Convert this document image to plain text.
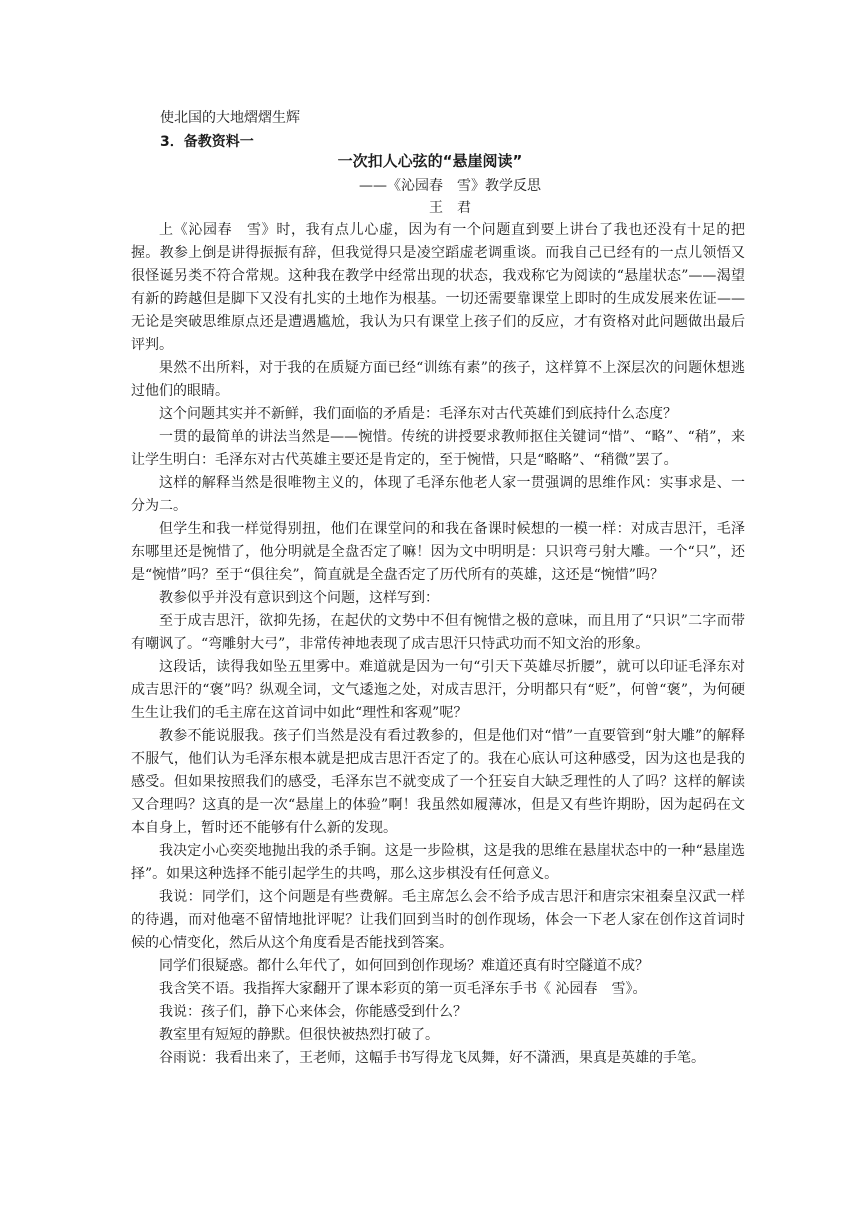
使北国的大地熠熠生辉
3．备教资料一
一次扣人心弦的“悬崖阅读”
——《沁园春　雪》教学反思
王　君

上《沁园春　雪》时，我有点儿心虚，因为有一个问题直到要上讲台了我也还没有十足的把握。教参上倒是讲得振振有辞，但我觉得只是凌空蹈虚老调重谈。而我自己已经有的一点儿领悟又很怪诞另类不符合常规。这种我在教学中经常出现的状态，我戏称它为阅读的“悬崖状态”——渴望有新的跨越但是脚下又没有扎实的土地作为根基。一切还需要靠课堂上即时的生成发展来佐证——无论是突破思维原点还是遭遇尴尬，我认为只有课堂上孩子们的反应，才有资格对此问题做出最后评判。

果然不出所料，对于我的在质疑方面已经“训练有素”的孩子，这样算不上深层次的问题休想逃过他们的眼睛。

这个问题其实并不新鲜，我们面临的矛盾是：毛泽东对古代英雄们到底持什么态度？

一贯的最简单的讲法当然是——惋惜。传统的讲授要求教师抠住关键词“惜”、“略”、“稍”，来让学生明白：毛泽东对古代英雄主要还是肯定的，至于惋惜，只是“略略”、“稍微”罢了。

这样的解释当然是很唯物主义的，体现了毛泽东他老人家一贯强调的思维作风：实事求是、一分为二。

但学生和我一样觉得别扭，他们在课堂问的和我在备课时候想的一模一样：对成吉思汗，毛泽东哪里还是惋惜了，他分明就是全盘否定了嘛！因为文中明明是：只识弯弓射大雕。一个“只”，还是“惋惜”吗？至于“俱往矣”，简直就是全盘否定了历代所有的英雄，这还是“惋惜”吗？

教参似乎并没有意识到这个问题，这样写到：

至于成吉思汗，欲抑先扬，在起伏的文势中不但有惋惜之极的意味，而且用了“只识”二字而带有嘲讽了。“弯雕射大弓”，非常传神地表现了成吉思汗只恃武功而不知文治的形象。

这段话，读得我如坠五里雾中。难道就是因为一句“引天下英雄尽折腰”，就可以印证毛泽东对成吉思汗的“褒”吗？纵观全词，文气逶迤之处，对成吉思汗，分明都只有“贬”，何曾“褒”，为何硬生生让我们的毛主席在这首词中如此“理性和客观”呢？

教参不能说服我。孩子们当然是没有看过教参的，但是他们对“惜”一直要管到“射大雕”的解释不服气，他们认为毛泽东根本就是把成吉思汗否定了的。我在心底认可这种感受，因为这也是我的感受。但如果按照我们的感受，毛泽东岂不就变成了一个狂妄自大缺乏理性的人了吗？这样的解读又合理吗？这真的是一次“悬崖上的体验”啊！我虽然如履薄冰，但是又有些许期盼，因为起码在文本自身上，暂时还不能够有什么新的发现。

我决定小心奕奕地抛出我的杀手锏。这是一步险棋，这是我的思维在悬崖状态中的一种“悬崖选择”。如果这种选择不能引起学生的共鸣，那么这步棋没有任何意义。

我说：同学们，这个问题是有些费解。毛主席怎么会不给予成吉思汗和唐宗宋祖秦皇汉武一样的待遇，而对他毫不留情地批评呢？让我们回到当时的创作现场，体会一下老人家在创作这首词时候的心情变化，然后从这个角度看是否能找到答案。

同学们很疑惑。都什么年代了，如何回到创作现场？难道还真有时空隧道不成？

我含笑不语。我指挥大家翻开了课本彩页的第一页毛泽东手书《 沁园春　雪》。

我说：孩子们，静下心来体会，你能感受到什么？

教室里有短短的静默。但很快被热烈打破了。

谷雨说：我看出来了，王老师，这幅手书写得龙飞凤舞，好不潇洒，果真是英雄的手笔。
